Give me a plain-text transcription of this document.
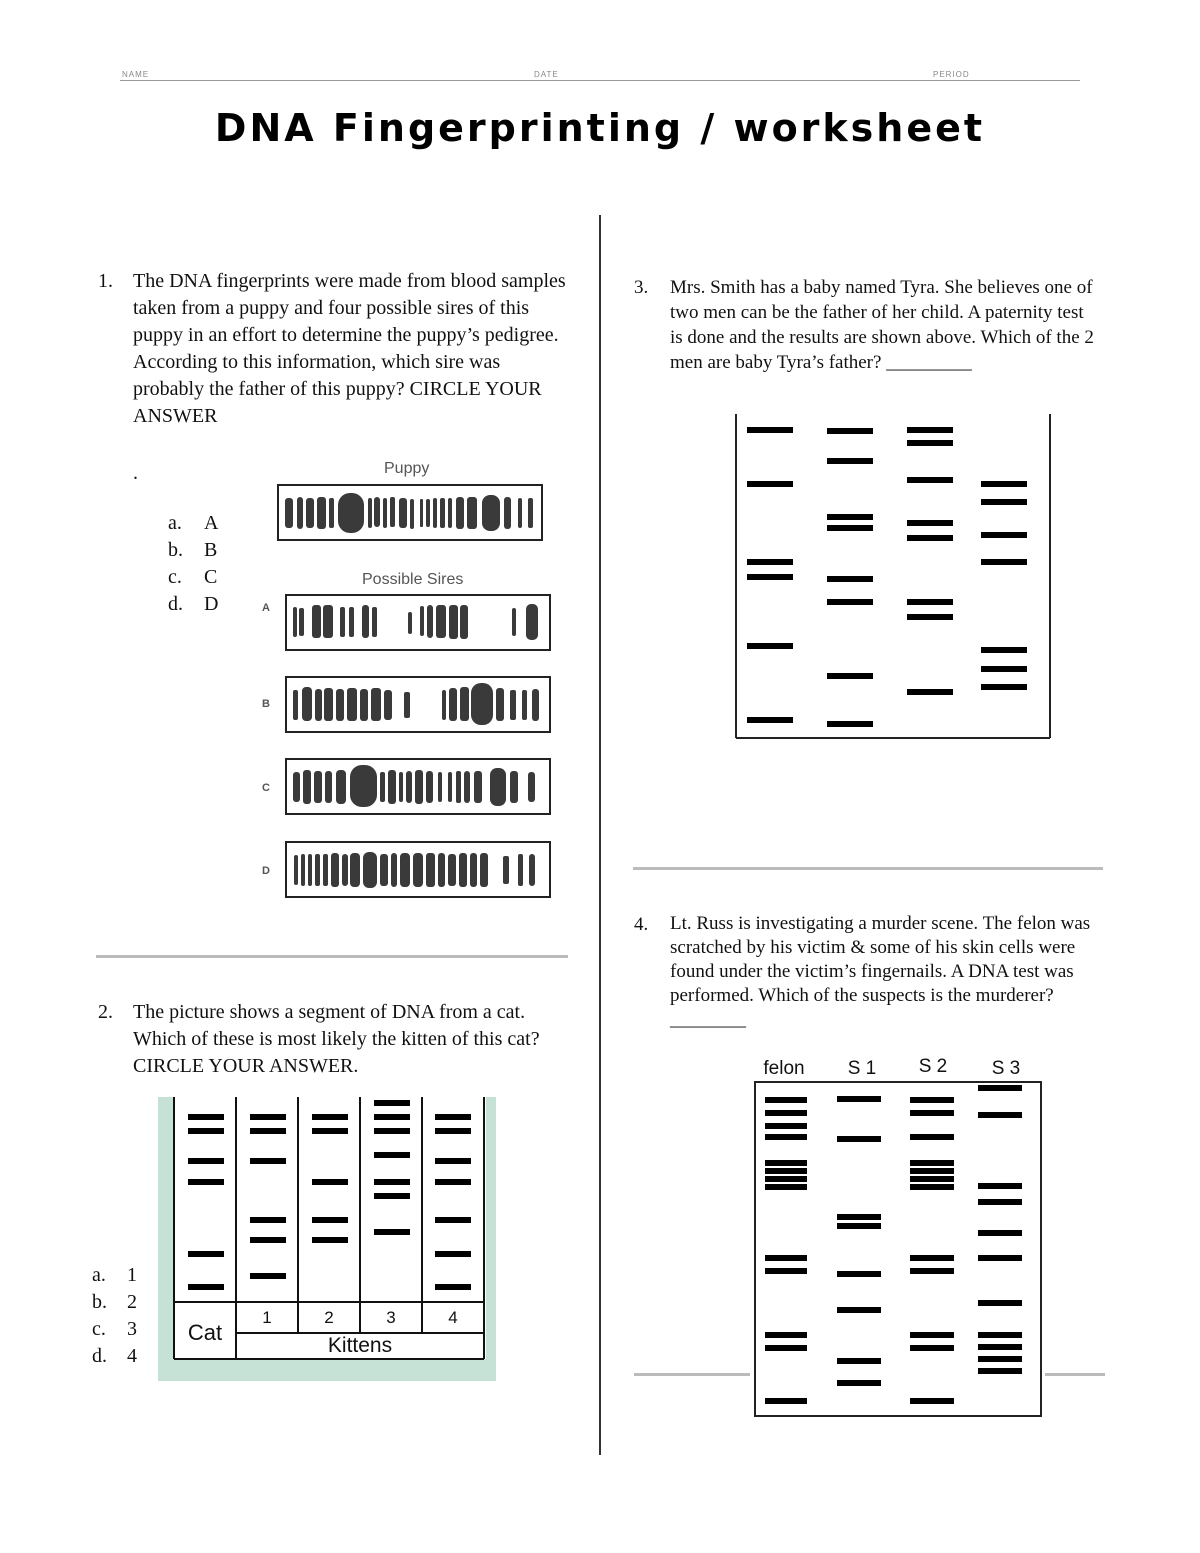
NAME	DATE	PERIOD
DNA Fingerprinting / worksheet
1. The DNA fingerprints were made from blood samples taken from a puppy and four possible sires of this puppy in an effort to determine the puppy’s pedigree. According to this information, which sire was probably the father of this puppy? CIRCLE YOUR ANSWER
.
a. A
b. B
c. C
d. D
Puppy
Possible Sires
A
B
C
D
2. The picture shows a segment of DNA from a cat. Which of these is most likely the kitten of this cat? CIRCLE YOUR ANSWER.
a. 1
b. 2
c. 3
d. 4
Cat
1	2	3	4
Kittens
3. Mrs. Smith has a baby named Tyra. She believes one of two men can be the father of her child. A paternity test is done and the results are shown above. Which of the 2 men are baby Tyra’s father? _________
4. Lt. Russ is investigating a murder scene. The felon was scratched by his victim & some of his skin cells were found under the victim’s fingernails. A DNA test was performed. Which of the suspects is the murderer? ________
felon S 1 S 2 S 3
